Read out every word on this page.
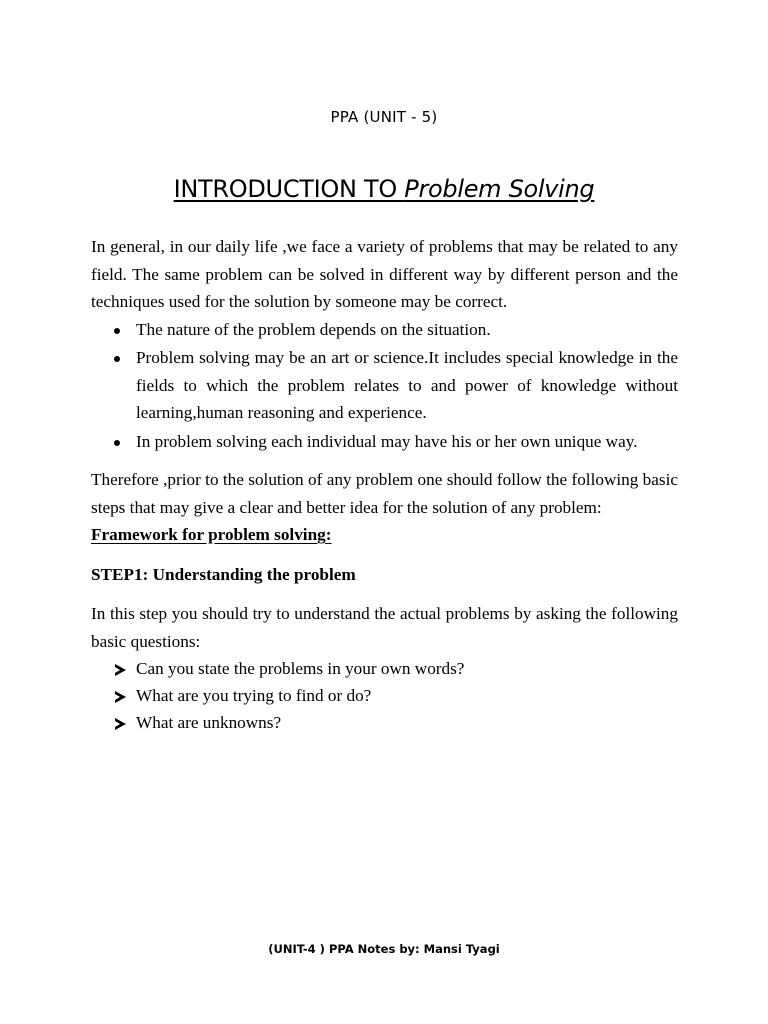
PPA (UNIT - 5)
INTRODUCTION TO Problem Solving

In general, in our daily life ,we face a variety of problems that may be related to any field. The same problem can be solved in different way by different person and the techniques used for the solution by someone may be correct.

The nature of the problem depends on the situation.
Problem solving may be an art or science.It includes special knowledge in the fields to which the problem relates to and power of knowledge without learning,human reasoning and experience.
In problem solving each individual may have his or her own unique way.

Therefore ,prior to the solution of any problem one should follow the following basic steps that may give a clear and better idea for the solution of any problem:

Framework for problem solving:

STEP1: Understanding the problem

In this step you should try to understand the actual problems by asking the following basic questions:

Can you state the problems in your own words?
What are you trying to find or do?
What are unknowns?
(UNIT-4 ) PPA Notes by: Mansi Tyagi
